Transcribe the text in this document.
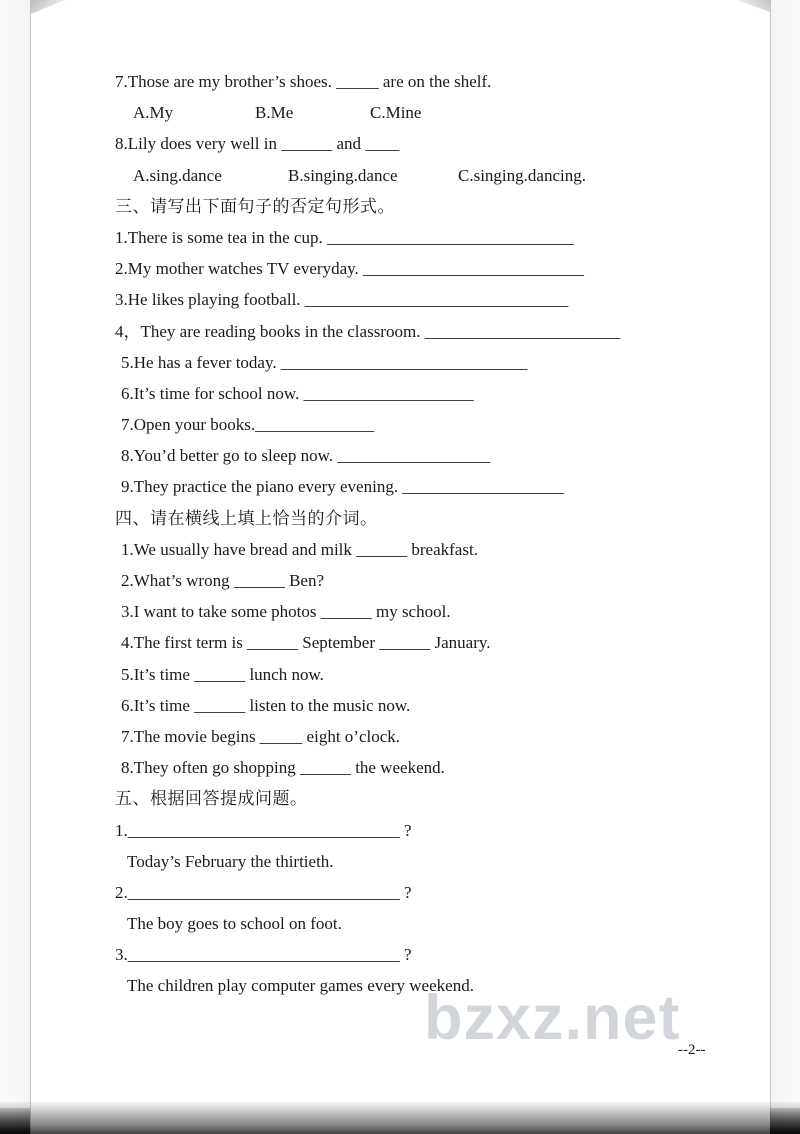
bzxz.net
7.Those are my brother’s shoes. _____ are on the shelf.
A.My	B.Me	C.Mine
8.Lily does very well in ______ and ____
A.sing.dance	B.singing.dance	C.singing.dancing.
三、请写出下面句子的否定句形式。
1.There is some tea in the cup. _____________________________
2.My mother watches TV everyday. __________________________
3.He likes playing football. _______________________________
4，They are reading books in the classroom. _______________________
5.He has a fever today. _____________________________
6.It’s time for school now. ____________________
7.Open your books.______________
8.You’d better go to sleep now. __________________
9.They practice the piano every evening. ___________________
四、请在横线上填上恰当的介词。
1.We usually have bread and milk ______ breakfast.
2.What’s wrong ______ Ben?
3.I want to take some photos ______ my school.
4.The first term is ______ September ______ January.
5.It’s time ______ lunch now.
6.It’s time ______ listen to the music now.
7.The movie begins _____ eight o’clock.
8.They often go shopping ______ the weekend.
五、根据回答提成问题。
1.________________________________ ?
Today’s February the thirtieth.
2.________________________________ ?
The boy goes to school on foot.
3.________________________________ ?
The children play computer games every weekend.
--2--
